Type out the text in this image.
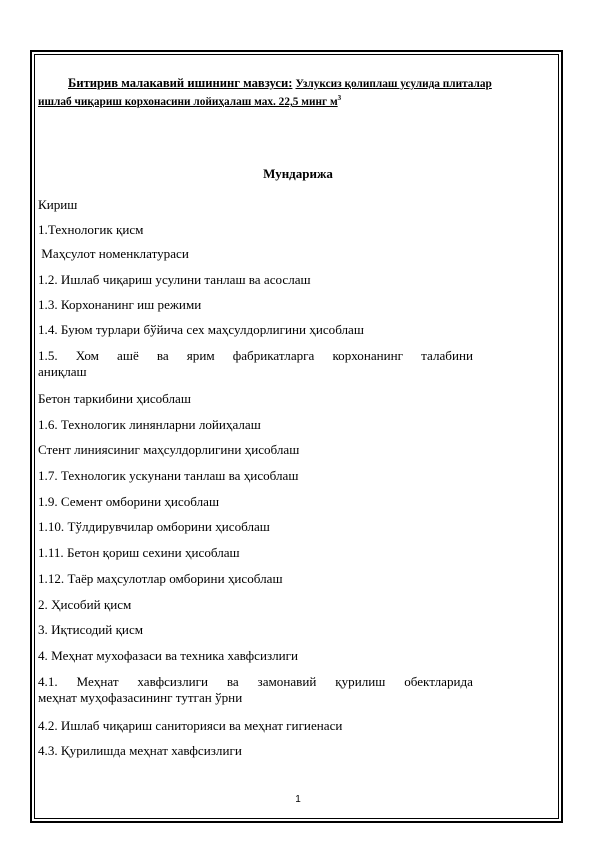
Битирив малакавий ишининг мавзуси: Узлуксиз қолиплаш усулида плиталар
ишлаб чиқариш корхонасини лойиҳалаш мах. 22,5 минг $м^3$
Мундарижа
Кириш
1.Технологик қисм
Маҳсулот номенклатураси
1.2. Ишлаб чиқариш усулини танлаш ва асослаш
1.3. Корхонанинг иш режими
1.4. Буюм турлари бўйича сех маҳсулдорлигини ҳисоблаш
1.5. Хом ашё ва ярим фабрикатларга корхонанинг талабини
аниқлаш
Бетон таркибини ҳисоблаш
1.6. Технологик линянларни лойиҳалаш
Стент линиясиниг маҳсулдорлигини ҳисоблаш
1.7. Технологик ускунани танлаш ва ҳисоблаш
1.9. Семент омборини ҳисоблаш
1.10. Тўлдирувчилар омборини ҳисоблаш
1.11. Бетон қориш сехини ҳисоблаш
1.12. Таёр маҳсулотлар омборини ҳисоблаш
2. Ҳисобий қисм
3. Иқтисодий қисм
4. Меҳнат мухофазаси ва техника хавфсизлиги
4.1. Меҳнат хавфсизлиги ва замонавий қурилиш обектларида
меҳнат муҳофазасининг тутган ўрни
4.2. Ишлаб чиқариш саниторияси ва меҳнат гигиенаси
4.3. Қурилишда меҳнат хавфсизлиги
1
